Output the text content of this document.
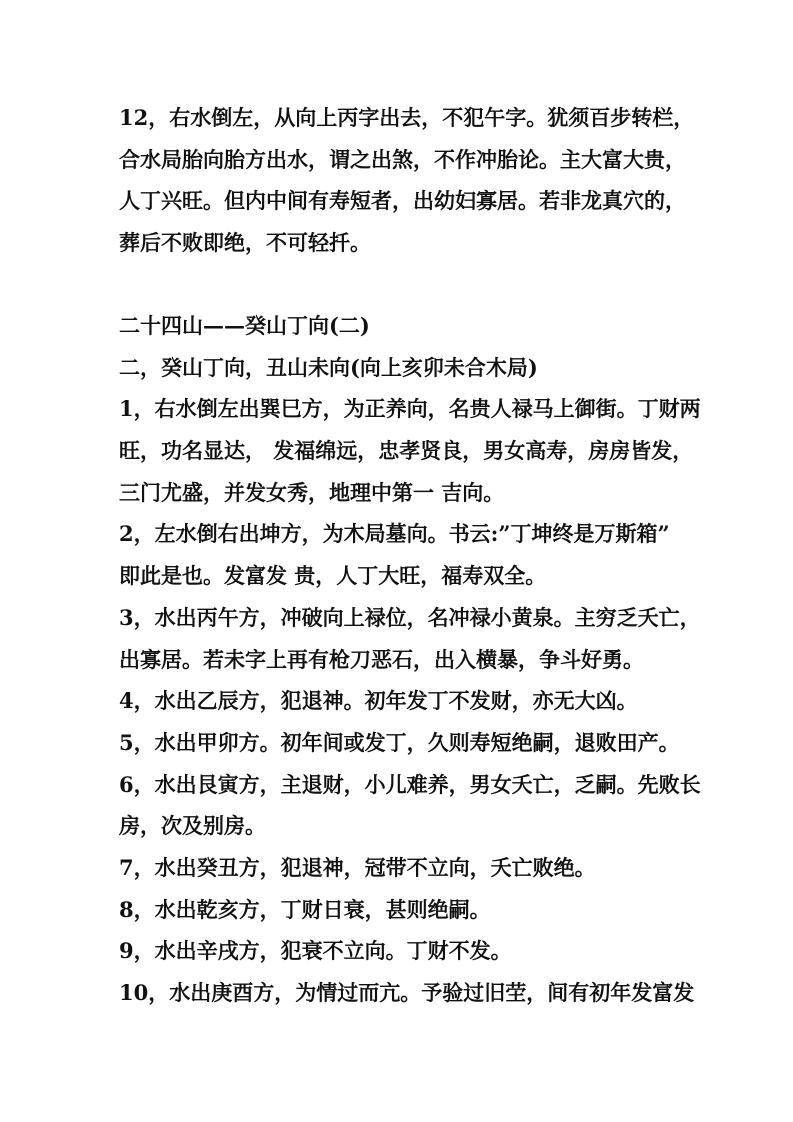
12，右水倒左，从向上丙字出去，不犯午字。犹须百步转栏，
合水局胎向胎方出水，谓之出煞，不作冲胎论。主大富大贵，
人丁兴旺。但内中间有寿短者，出幼妇寡居。若非龙真穴的，
葬后不败即绝，不可轻扦。
二十四山——癸山丁向(二)
二，癸山丁向，丑山未向(向上亥卯未合木局)
1，右水倒左出巽巳方，为正养向，名贵人禄马上御街。丁财两
旺，功名显达， 发福绵远，忠孝贤良，男女高寿，房房皆发，
三门尤盛，并发女秀，地理中第一 吉向。
2，左水倒右出坤方，为木局墓向。书云:”丁坤终是万斯箱”
即此是也。发富发 贵，人丁大旺，福寿双全。
3，水出丙午方，冲破向上禄位，名冲禄小黄泉。主穷乏夭亡，
出寡居。若未字上再有枪刀恶石，出入横暴，争斗好勇。
4，水出乙辰方，犯退神。初年发丁不发财，亦无大凶。
5，水出甲卯方。初年间或发丁，久则寿短绝嗣，退败田产。
6，水出艮寅方，主退财，小儿难养，男女夭亡，乏嗣。先败长
房，次及别房。
7，水出癸丑方，犯退神，冠带不立向，夭亡败绝。
8，水出乾亥方，丁财日衰，甚则绝嗣。
9，水出辛戌方，犯衰不立向。丁财不发。
10，水出庚酉方，为情过而亢。予验过旧茔，间有初年发富发
